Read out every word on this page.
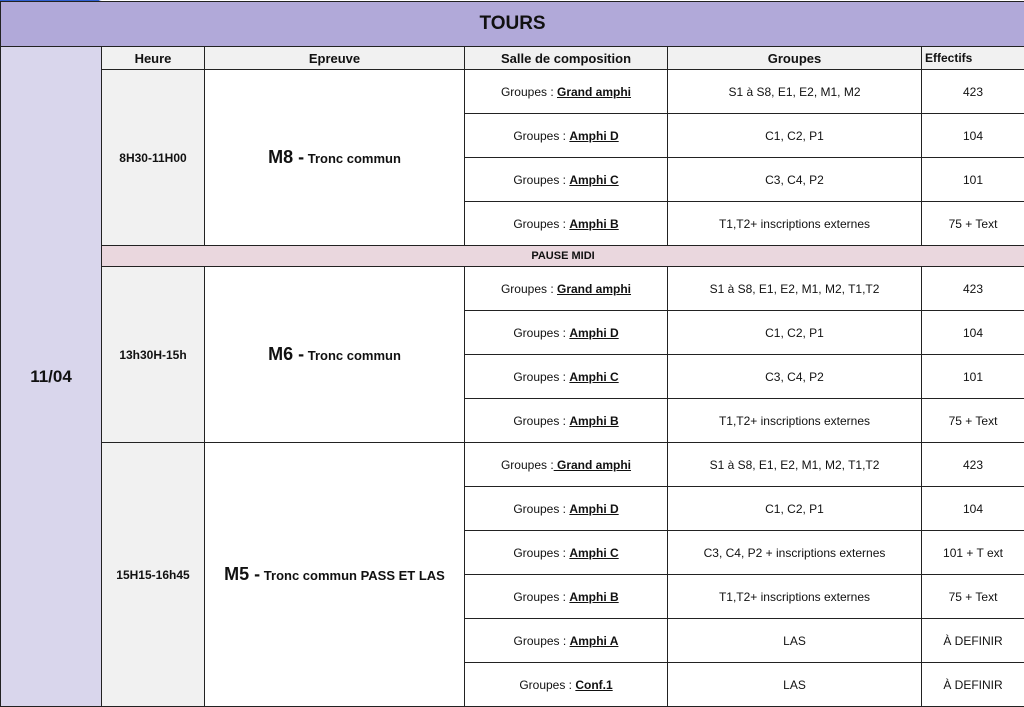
TOURS					
11/04	Heure	Epreuve	Salle de composition	Groupes	Effectifs
	8H30-11H00	M8 - Tronc commun	Groupes : Grand amphi	S1 à S8, E1, E2, M1, M2	423
			Groupes : Amphi D	C1, C2, P1	104
			Groupes : Amphi C	C3, C4, P2	101
			Groupes : Amphi B	T1,T2+ inscriptions externes	75 + Text
	PAUSE MIDI				
	13h30H-15h	M6 - Tronc commun	Groupes : Grand amphi	S1 à S8, E1, E2, M1, M2, T1,T2	423
			Groupes : Amphi D	C1, C2, P1	104
			Groupes : Amphi C	C3, C4, P2	101
			Groupes : Amphi B	T1,T2+ inscriptions externes	75 + Text
	15H15-16h45	M5 - Tronc commun PASS ET LAS	Groupes : Grand amphi	S1 à S8, E1, E2, M1, M2, T1,T2	423
			Groupes : Amphi D	C1, C2, P1	104
			Groupes : Amphi C	C3, C4, P2 + inscriptions externes	101 + T ext
			Groupes : Amphi B	T1,T2+ inscriptions externes	75 + Text
			Groupes : Amphi A	LAS	À DEFINIR
			Groupes : Conf.1	LAS	À DEFINIR
